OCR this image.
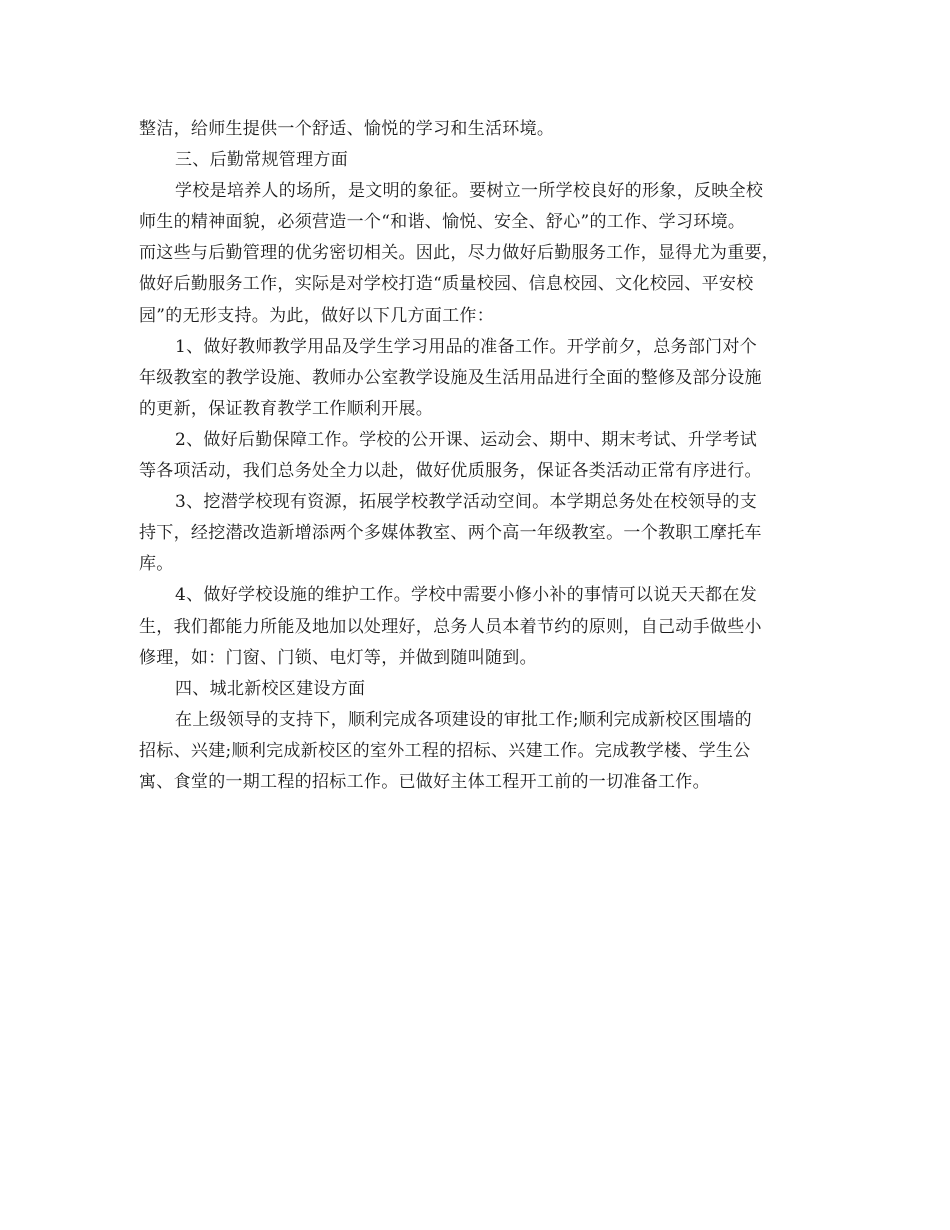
整洁，给师生提供一个舒适、愉悦的学习和生活环境。
三、后勤常规管理方面
学校是培养人的场所，是文明的象征。要树立一所学校良好的形象，反映全校
师生的精神面貌，必须营造一个“和谐、愉悦、安全、舒心”的工作、学习环境。
而这些与后勤管理的优劣密切相关。因此，尽力做好后勤服务工作，显得尤为重要，
做好后勤服务工作，实际是对学校打造“质量校园、信息校园、文化校园、平安校
园”的无形支持。为此，做好以下几方面工作：
1、做好教师教学用品及学生学习用品的准备工作。开学前夕，总务部门对个
年级教室的教学设施、教师办公室教学设施及生活用品进行全面的整修及部分设施
的更新，保证教育教学工作顺利开展。
2、做好后勤保障工作。学校的公开课、运动会、期中、期末考试、升学考试
等各项活动，我们总务处全力以赴，做好优质服务，保证各类活动正常有序进行。
3、挖潜学校现有资源，拓展学校教学活动空间。本学期总务处在校领导的支
持下，经挖潜改造新增添两个多媒体教室、两个高一年级教室。一个教职工摩托车
库。
4、做好学校设施的维护工作。学校中需要小修小补的事情可以说天天都在发
生，我们都能力所能及地加以处理好，总务人员本着节约的原则，自己动手做些小
修理，如：门窗、门锁、电灯等，并做到随叫随到。
四、城北新校区建设方面
在上级领导的支持下，顺利完成各项建设的审批工作;顺利完成新校区围墙的
招标、兴建;顺利完成新校区的室外工程的招标、兴建工作。完成教学楼、学生公
寓、食堂的一期工程的招标工作。已做好主体工程开工前的一切准备工作。
